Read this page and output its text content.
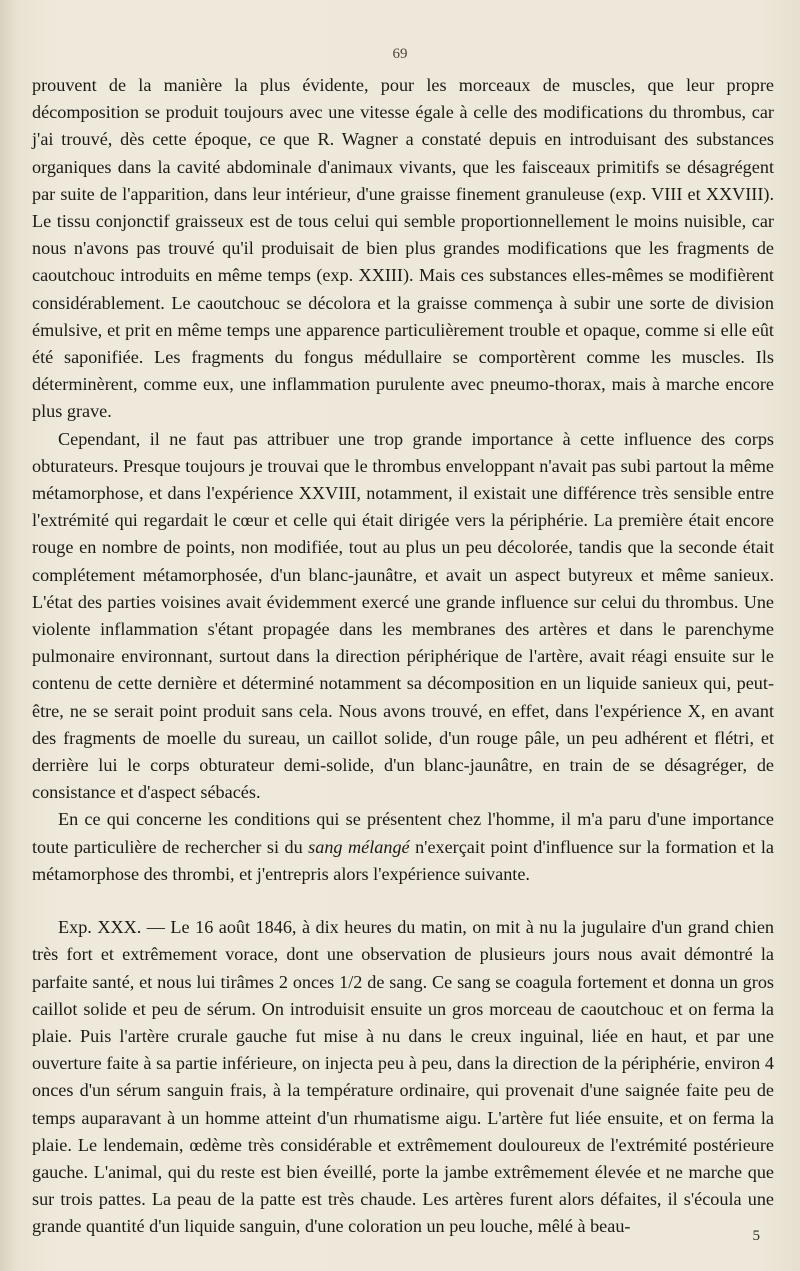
69

prouvent de la manière la plus évidente, pour les morceaux de muscles, que leur propre décomposition se produit toujours avec une vitesse égale à celle des modifications du thrombus, car j'ai trouvé, dès cette époque, ce que R. Wagner a constaté depuis en introduisant des substances organiques dans la cavité abdominale d'animaux vivants, que les faisceaux primitifs se désagrégent par suite de l'apparition, dans leur intérieur, d'une graisse finement granuleuse (exp. VIII et XXVIII). Le tissu conjonctif graisseux est de tous celui qui semble proportionnellement le moins nuisible, car nous n'avons pas trouvé qu'il produisait de bien plus grandes modifications que les fragments de caoutchouc introduits en même temps (exp. XXIII). Mais ces substances elles-mêmes se modifièrent considérablement. Le caoutchouc se décolora et la graisse commença à subir une sorte de division émulsive, et prit en même temps une apparence particulièrement trouble et opaque, comme si elle eût été saponifiée. Les fragments du fongus médullaire se comportèrent comme les muscles. Ils déterminèrent, comme eux, une inflammation purulente avec pneumo-thorax, mais à marche encore plus grave.

Cependant, il ne faut pas attribuer une trop grande importance à cette influence des corps obturateurs. Presque toujours je trouvai que le thrombus enveloppant n'avait pas subi partout la même métamorphose, et dans l'expérience XXVIII, notamment, il existait une différence très sensible entre l'extrémité qui regardait le cœur et celle qui était dirigée vers la périphérie. La première était encore rouge en nombre de points, non modifiée, tout au plus un peu décolorée, tandis que la seconde était complétement métamorphosée, d'un blanc-jaunâtre, et avait un aspect butyreux et même sanieux. L'état des parties voisines avait évidemment exercé une grande influence sur celui du thrombus. Une violente inflammation s'étant propagée dans les membranes des artères et dans le parenchyme pulmonaire environnant, surtout dans la direction périphérique de l'artère, avait réagi ensuite sur le contenu de cette dernière et déterminé notamment sa décomposition en un liquide sanieux qui, peut-être, ne se serait point produit sans cela. Nous avons trouvé, en effet, dans l'expérience X, en avant des fragments de moelle du sureau, un caillot solide, d'un rouge pâle, un peu adhérent et flétri, et derrière lui le corps obturateur demi-solide, d'un blanc-jaunâtre, en train de se désagréger, de consistance et d'aspect sébacés.

En ce qui concerne les conditions qui se présentent chez l'homme, il m'a paru d'une importance toute particulière de rechercher si du sang mélangé n'exerçait point d'influence sur la formation et la métamorphose des thrombi, et j'entrepris alors l'expérience suivante.

Exp. XXX. — Le 16 août 1846, à dix heures du matin, on mit à nu la jugulaire d'un grand chien très fort et extrêmement vorace, dont une observation de plusieurs jours nous avait démontré la parfaite santé, et nous lui tirâmes 2 onces 1/2 de sang. Ce sang se coagula fortement et donna un gros caillot solide et peu de sérum. On introduisit ensuite un gros morceau de caoutchouc et on ferma la plaie. Puis l'artère crurale gauche fut mise à nu dans le creux inguinal, liée en haut, et par une ouverture faite à sa partie inférieure, on injecta peu à peu, dans la direction de la périphérie, environ 4 onces d'un sérum sanguin frais, à la température ordinaire, qui provenait d'une saignée faite peu de temps auparavant à un homme atteint d'un rhumatisme aigu. L'artère fut liée ensuite, et on ferma la plaie. Le lendemain, œdème très considérable et extrêmement douloureux de l'extrémité postérieure gauche. L'animal, qui du reste est bien éveillé, porte la jambe extrêmement élevée et ne marche que sur trois pattes. La peau de la patte est très chaude. Les artères furent alors défaites, il s'écoula une grande quantité d'un liquide sanguin, d'une coloration un peu louche, mêlé à beau-	5
